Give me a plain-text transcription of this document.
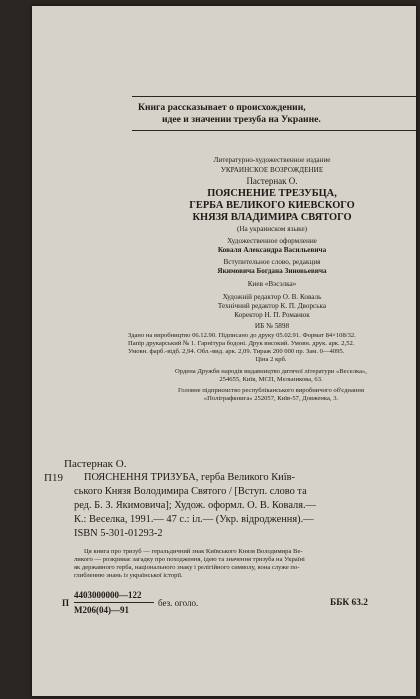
Книга рассказывает о происхождении,

идее и значении трезуба на Украине.

Литературно-художественное издание

УКРАИНСКОЕ ВОЗРОЖДЕНИЕ

Пастернак О.

ПОЯСНЕНИЕ ТРЕЗУБЦА,

ГЕРБА ВЕЛИКОГО КИЕВСКОГО

КНЯЗЯ ВЛАДИМИРА СВЯТОГО

(На украинском языке)

Художественное оформление

Коваля Александра Васильевича

Вступительное слово, редакция

Якимовича Богдана Зиновьевича

Киев «Вэсэлка»

Художній редактор О. В. Коваль

Технічний редактор К. П. Дворська

Коректор Н. П. Романюк

ИБ № 5898

Здано на виробництво 06.12.90. Підписано до друку 05.02.91. Формат 84×108/32.

Папір друкарський № 1. Гарнітура бодоні. Друк високий. Умовн. друк. арк. 2,52.

Умовн. фарб.-відб. 2,94. Обл.-вид. арк. 2,09. Тираж 200 000 пр. Зам. 0—4095.

Ціна 2 крб.

Ордена Дружби народів видавництво дитячої літератури «Веселка»,

254655, Київ, МСП, Мельникова, 63.

Головне підприємство республіканського виробничого об'єднання

«Поліграфкнига» 252057, Київ-57, Довженка, 3.

Пастернак О.

П19 ПОЯСНЕННЯ ТРИЗУБА, герба Великого Київ-

ського Князя Володимира Святого / [Вступ. слово та

ред. Б. З. Якимовича]; Худож. оформл. О. В. Коваля.—

К.: Веселка, 1991.— 47 с.: іл.— (Укр. відродження).—

ISBN 5-301-01293-2

Ця книга про тризуб — геральдичний знак Київського Князя Володимира Ве-

ликого — розкриває загадку про походження, ідею та значення тризуба на Україні

як державного герба, національного знаку і релігійного символу, вона служе по-

глибленню знань із української історії.

П

4403000000—122

М206(04)—91

без. оголо.	ББК 63.2
